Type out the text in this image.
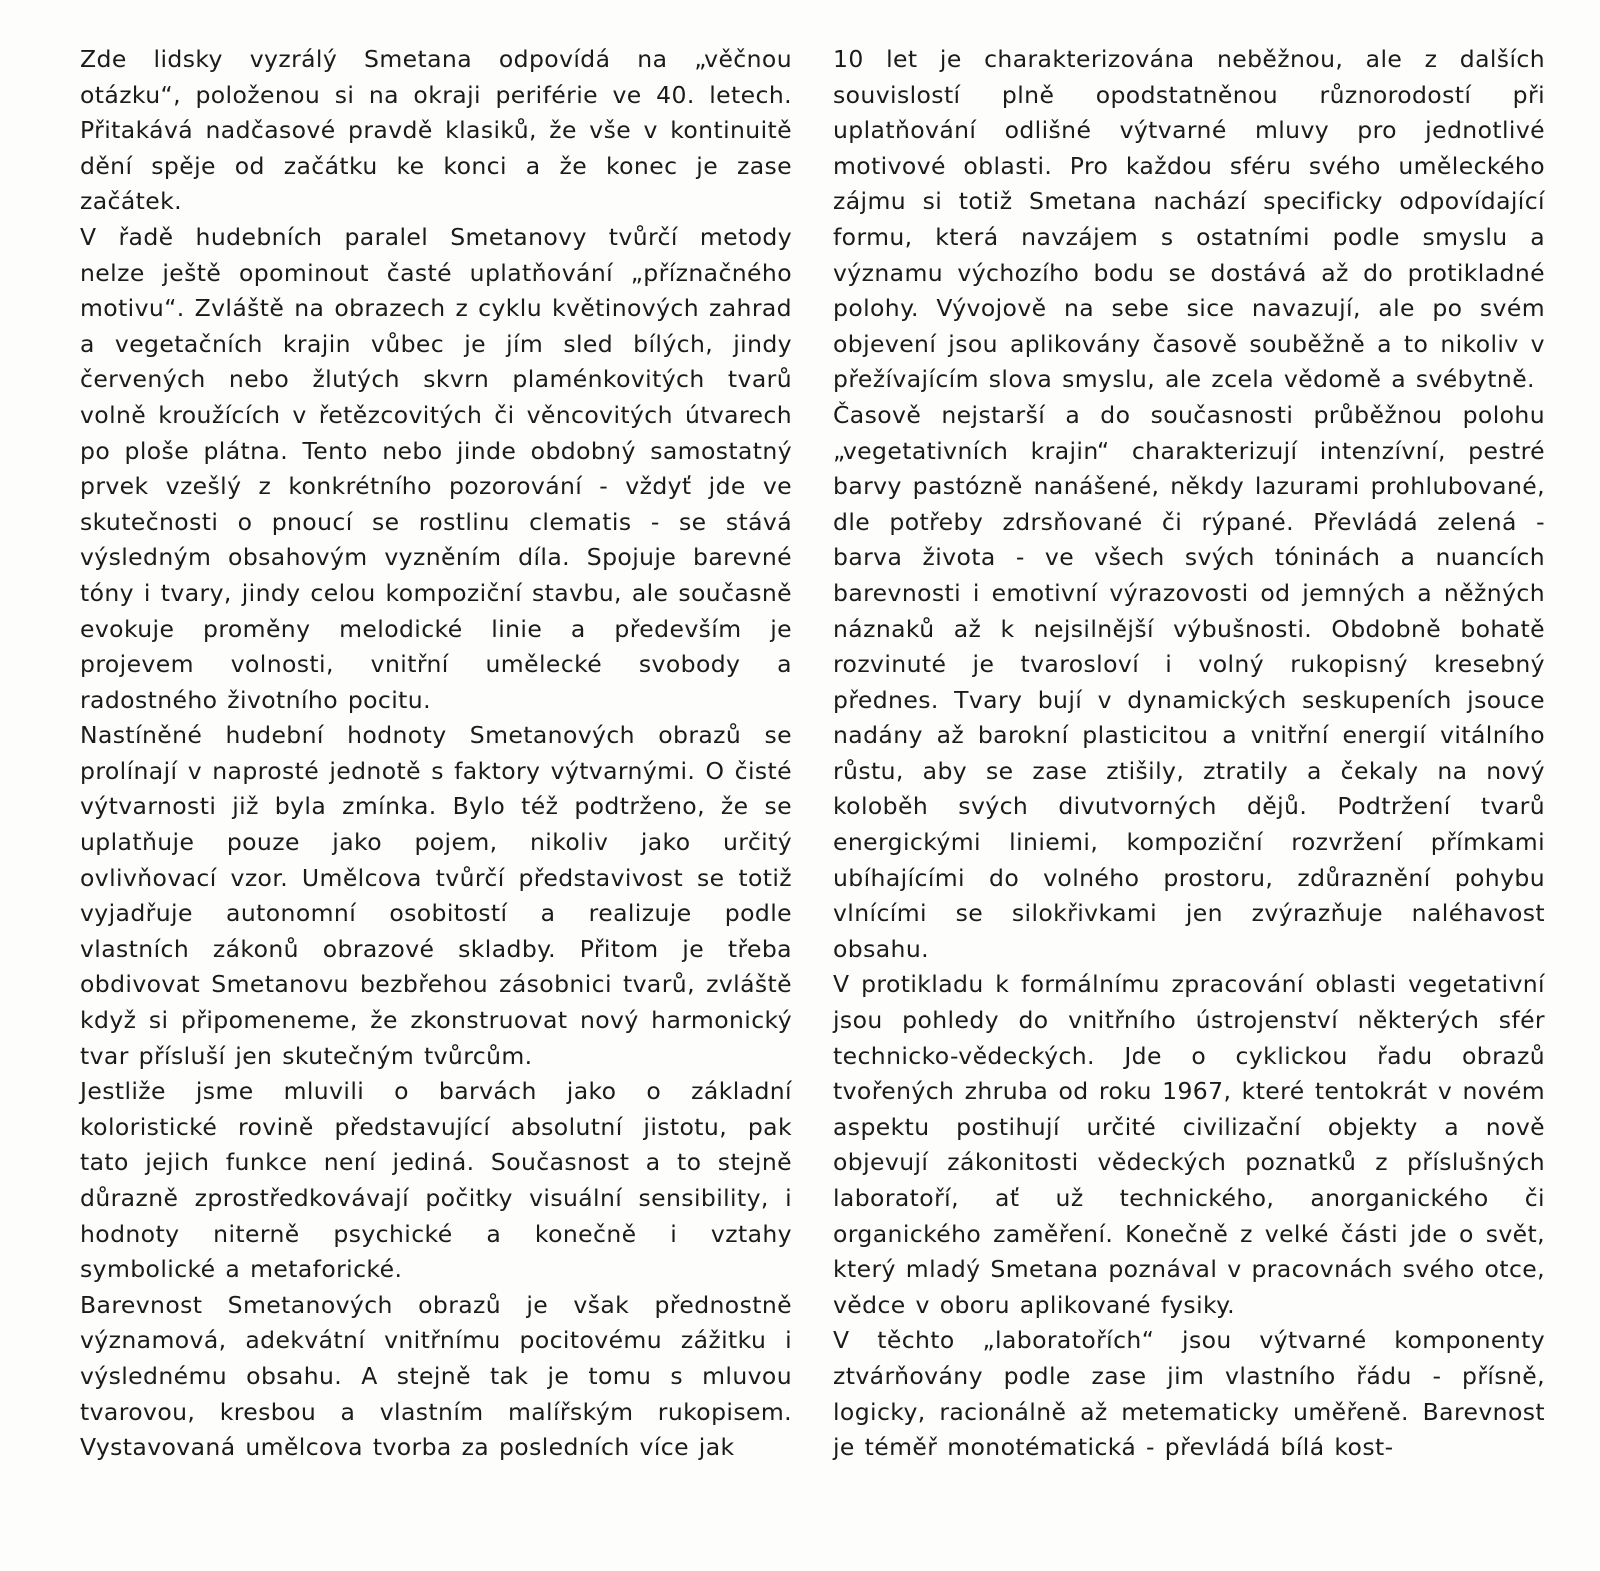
Zde lidsky vyzrálý Smetana odpovídá na „věčnou otázku“, položenou si na okraji periférie ve 40. letech. Přitakává nadčasové pravdě klasiků, že vše v kontinuitě dění spěje od začátku ke konci a že konec je zase začátek.

V řadě hudebních paralel Smetanovy tvůrčí metody nelze ještě opominout časté uplatňování „příznačného motivu“. Zvláště na obrazech z cyklu květinových zahrad a vegetačních krajin vůbec je jím sled bílých, jindy červených nebo žlutých skvrn plaménkovitých tvarů volně kroužících v řetězcovitých či věncovitých útvarech po ploše plátna. Tento nebo jinde obdobný samostatný prvek vzešlý z konkrétního pozorování - vždyť jde ve skutečnosti o pnoucí se rostlinu clematis - se stává výsledným obsahovým vyzněním díla. Spojuje barevné tóny i tvary, jindy celou kompoziční stavbu, ale současně evokuje proměny melodické linie a především je projevem volnosti, vnitřní umělecké svobody a radostného životního pocitu.

Nastíněné hudební hodnoty Smetanových obrazů se prolínají v naprosté jednotě s faktory výtvarnými. O čisté výtvarnosti již byla zmínka. Bylo též podtrženo, že se uplatňuje pouze jako pojem, nikoliv jako určitý ovlivňovací vzor. Umělcova tvůrčí představivost se totiž vyjadřuje autonomní osobitostí a realizuje podle vlastních zákonů obrazové skladby. Přitom je třeba obdivovat Smetanovu bezbřehou zásobnici tvarů, zvláště když si připomeneme, že zkonstruovat nový harmonický tvar přísluší jen skutečným tvůrcům.

Jestliže jsme mluvili o barvách jako o základní koloristické rovině představující absolutní jistotu, pak tato jejich funkce není jediná. Současnost a to stejně důrazně zprostředkovávají počitky visuální sensibility, i hodnoty niterně psychické a konečně i vztahy symbolické a metaforické.

Barevnost Smetanových obrazů je však přednostně významová, adekvátní vnitřnímu pocitovému zážitku i výslednému obsahu. A stejně tak je tomu s mluvou tvarovou, kresbou a vlastním malířským rukopisem. Vystavovaná umělcova tvorba za posledních více jak

10 let je charakterizována neběžnou, ale z dalších souvislostí plně opodstatněnou různorodostí při uplatňování odlišné výtvarné mluvy pro jednotlivé motivové oblasti. Pro každou sféru svého uměleckého zájmu si totiž Smetana nachází specificky odpovídající formu, která navzájem s ostatními podle smyslu a významu výchozího bodu se dostává až do protikladné polohy. Vývojově na sebe sice navazují, ale po svém objevení jsou aplikovány časově souběžně a to nikoliv v přežívajícím slova smyslu, ale zcela vědomě a svébytně.

Časově nejstarší a do současnosti průběžnou polohu „vegetativních krajin“ charakterizují intenzívní, pestré barvy pastózně nanášené, někdy lazurami prohlubované, dle potřeby zdrsňované či rýpané. Převládá zelená - barva života - ve všech svých tóninách a nuancích barevnosti i emotivní výrazovosti od jemných a něžných náznaků až k nejsilnější výbušnosti. Obdobně bohatě rozvinuté je tvarosloví i volný rukopisný kresebný přednes. Tvary bují v dynamických seskupeních jsouce nadány až barokní plasticitou a vnitřní energií vitálního růstu, aby se zase ztišily, ztratily a čekaly na nový koloběh svých divutvorných dějů. Podtržení tvarů energickými liniemi, kompoziční rozvržení přímkami ubíhajícími do volného prostoru, zdůraznění pohybu vlnícími se silokřivkami jen zvýrazňuje naléhavost obsahu.

V protikladu k formálnímu zpracování oblasti vegetativní jsou pohledy do vnitřního ústrojenství některých sfér technicko-vědeckých. Jde o cyklickou řadu obrazů tvořených zhruba od roku 1967, které tentokrát v novém aspektu postihují určité civilizační objekty a nově objevují zákonitosti vědeckých poznatků z příslušných laboratoří, ať už technického, anorganického či organického zaměření. Konečně z velké části jde o svět, který mladý Smetana poznával v pracovnách svého otce, vědce v oboru aplikované fysiky.

V těchto „laboratořích“ jsou výtvarné komponenty ztvárňovány podle zase jim vlastního řádu - přísně, logicky, racionálně až metematicky uměřeně. Barevnost je téměř monotématická - převládá bílá kost-
